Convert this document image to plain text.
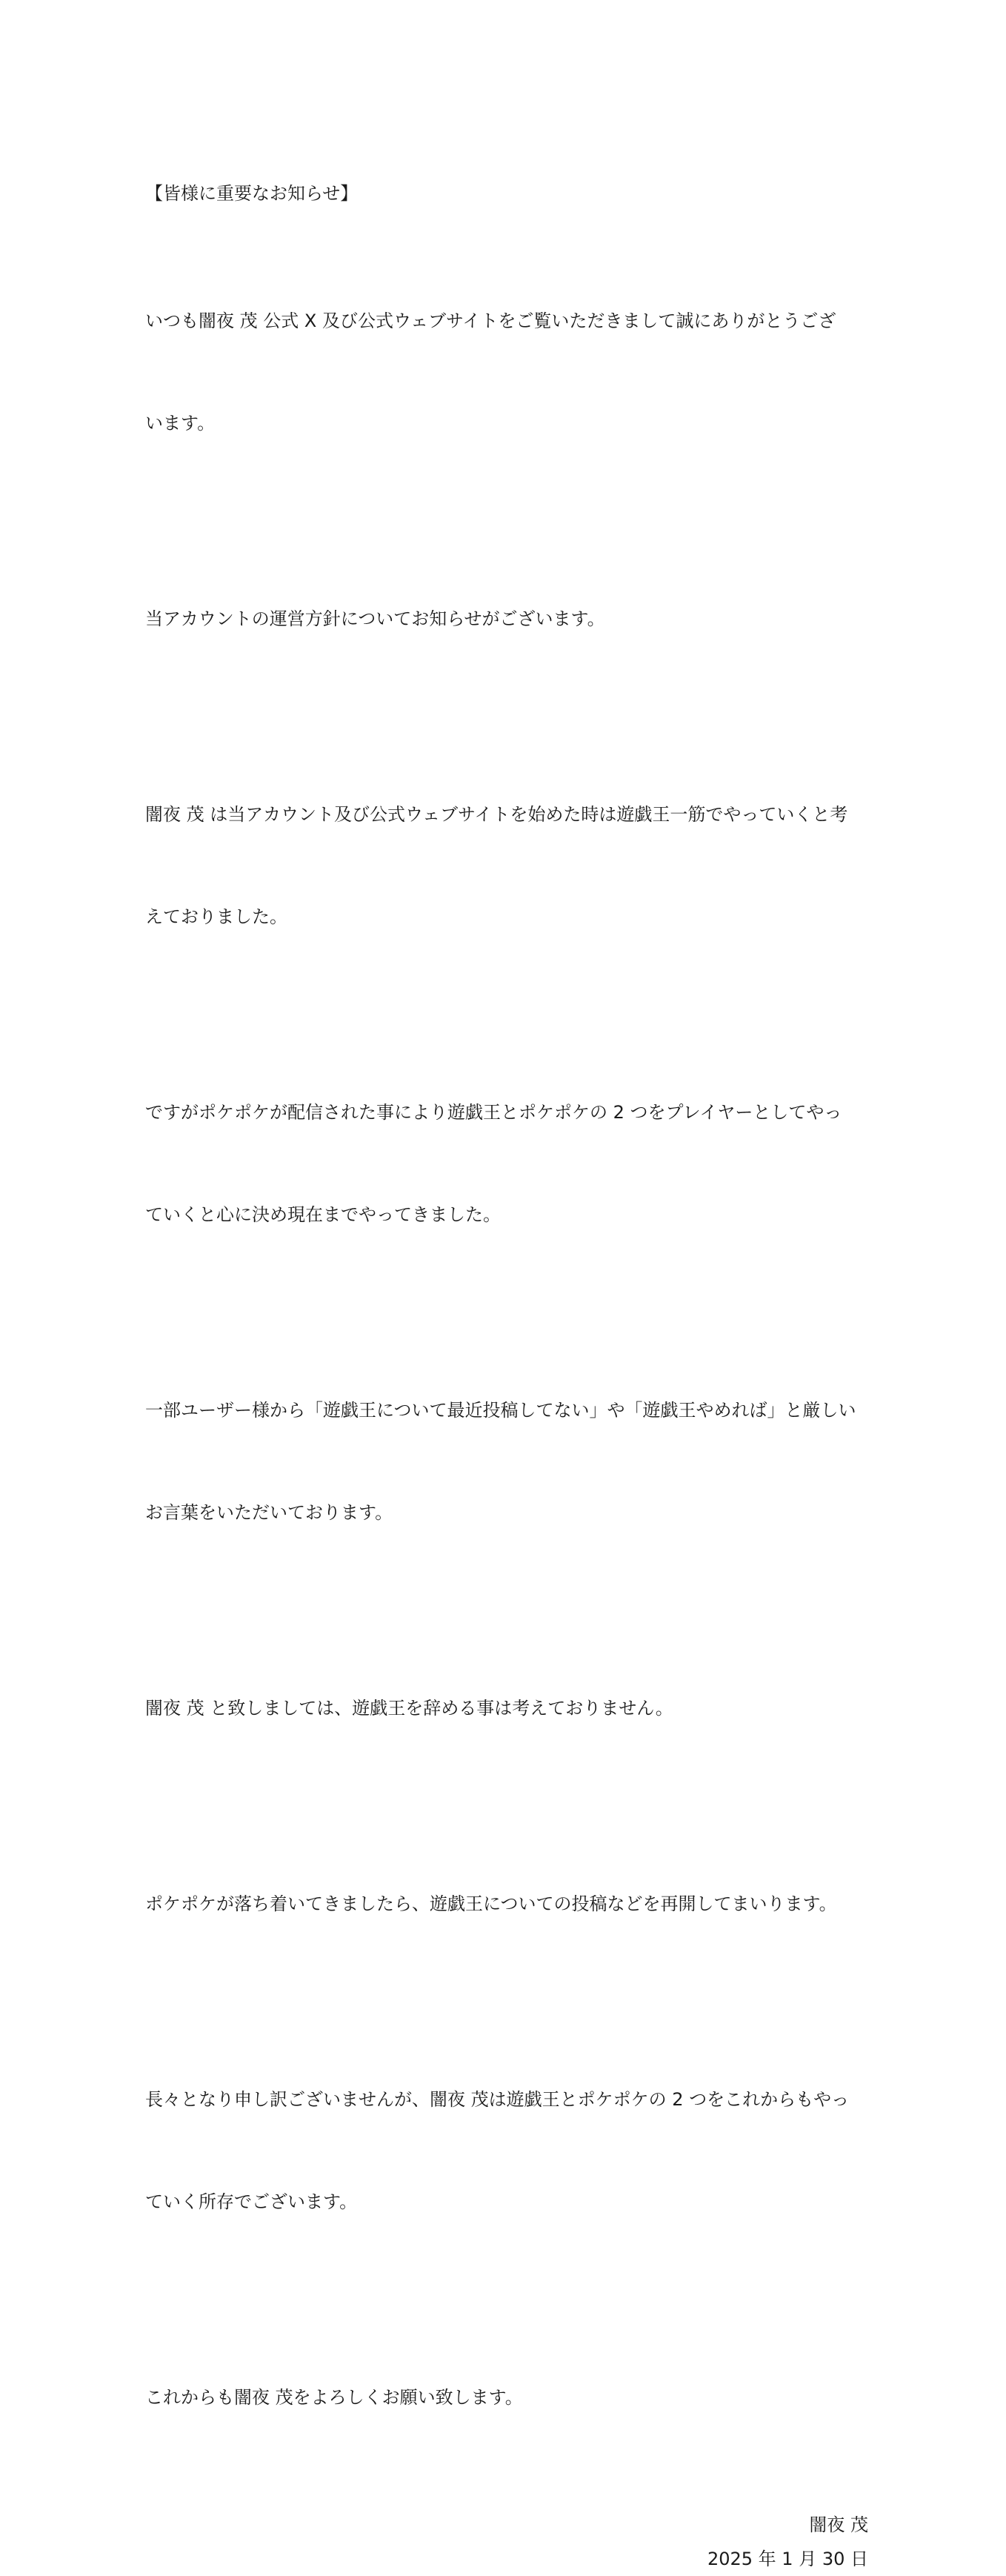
【皆様に重要なお知らせ】

いつも闇夜 茂 公式 X 及び公式ウェブサイトをご覧いただきまして誠にありがとうござ

います。

当アカウントの運営方針についてお知らせがございます。

闇夜 茂 は当アカウント及び公式ウェブサイトを始めた時は遊戯王一筋でやっていくと考

えておりました。

ですがポケポケが配信された事により遊戯王とポケポケの 2 つをプレイヤーとしてやっ

ていくと心に決め現在までやってきました。

一部ユーザー様から「遊戯王について最近投稿してない」や「遊戯王やめれば」と厳しい

お言葉をいただいております。

闇夜 茂 と致しましては、遊戯王を辞める事は考えておりません。

ポケポケが落ち着いてきましたら、遊戯王についての投稿などを再開してまいります。

長々となり申し訳ございませんが、闇夜 茂は遊戯王とポケポケの 2 つをこれからもやっ

ていく所存でございます。

これからも闇夜 茂をよろしくお願い致します。

闇夜 茂
2025 年 1 月 30 日
